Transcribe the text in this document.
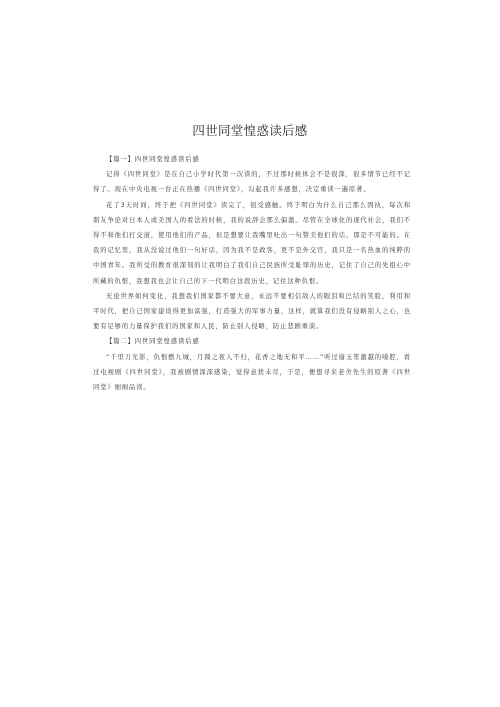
四世同堂惶惑读后感

【篇一】四世同堂惶惑读后感

记得《四世同堂》是在自己小学时代第一次读的，不过那时候体会不是很深，很多情节已经不记得了。现在中央电视一台正在热播《四世同堂》，勾起我许多感想，决定重读一遍原著。

花了3天时间，终于把《四世同堂》读完了，很受感触。终于明白为什么自己那么固执，每次和朋友争论对日本人或美国人的看法的时候，我的说辞会那么偏激。尽管在全球化的现代社会，我们不得不和他们打交道，使用他们的产品，但是想要让我嘴里吐出一句赞美他们的话，那是不可能的。在我的记忆里，我从没说过他们一句好话，因为我不是政客，更不是外交官，我只是一名热血的纯粹的中国青年。我所受的教育很深刻的让我明白了我们自己民族所受耻辱的历史，记住了自己的先祖心中所藏的仇恨，我想我也会让自己的下一代明白这段历史，记住这种仇恨。

无论世界如何变化，我想我们国家都不要大意，永远不要相信敌人的眼泪和巴结的笑脸，利用和平时代，把自己国家建设得更加富强，打造强大的军事力量，这样，就算我们没有侵略别人之心，也要有足够的力量保护我们的国家和人民，防止别人侵略，防止悲剧重演。

【篇二】四世同堂惶惑读后感

“千里刀光影，仇恨燃九城，月圆之夜人不归，花香之地无和平……”听过谢玉笙激越的嗓腔，看过电视剧《四世同堂》，我被剧情深深感染，觉得意犹未尽，于是，便想寻来老舍先生的原著《四世同堂》细细品读。
